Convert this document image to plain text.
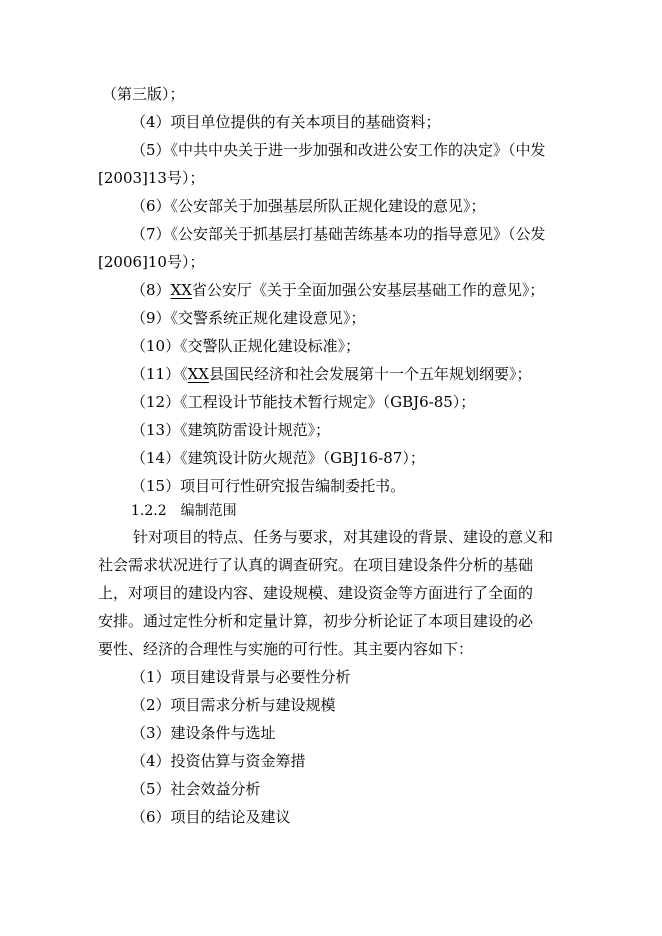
（第三版）；
（4）项目单位提供的有关本项目的基础资料；
（5）《中共中央关于进一步加强和改进公安工作的决定》（中发
[2003]13号）；
（6）《公安部关于加强基层所队正规化建设的意见》；
（7）《公安部关于抓基层打基础苦练基本功的指导意见》（公发
[2006]10号）；
（8）XX省公安厅《关于全面加强公安基层基础工作的意见》；
（9）《交警系统正规化建设意见》；
（10）《交警队正规化建设标准》；
（11）《XX县国民经济和社会发展第十一个五年规划纲要》；
（12）《工程设计节能技术暂行规定》（GBJ6-85）；
（13）《建筑防雷设计规范》；
（14）《建筑设计防火规范》（GBJ16-87）；
（15）项目可行性研究报告编制委托书。
1.2.2 编制范围
针对项目的特点、任务与要求，对其建设的背景、建设的意义和
社会需求状况进行了认真的调查研究。在项目建设条件分析的基础
上，对项目的建设内容、建设规模、建设资金等方面进行了全面的
安排。通过定性分析和定量计算，初步分析论证了本项目建设的必
要性、经济的合理性与实施的可行性。其主要内容如下：
（1）项目建设背景与必要性分析
（2）项目需求分析与建设规模
（3）建设条件与选址
（4）投资估算与资金筹措
（5）社会效益分析
（6）项目的结论及建议
